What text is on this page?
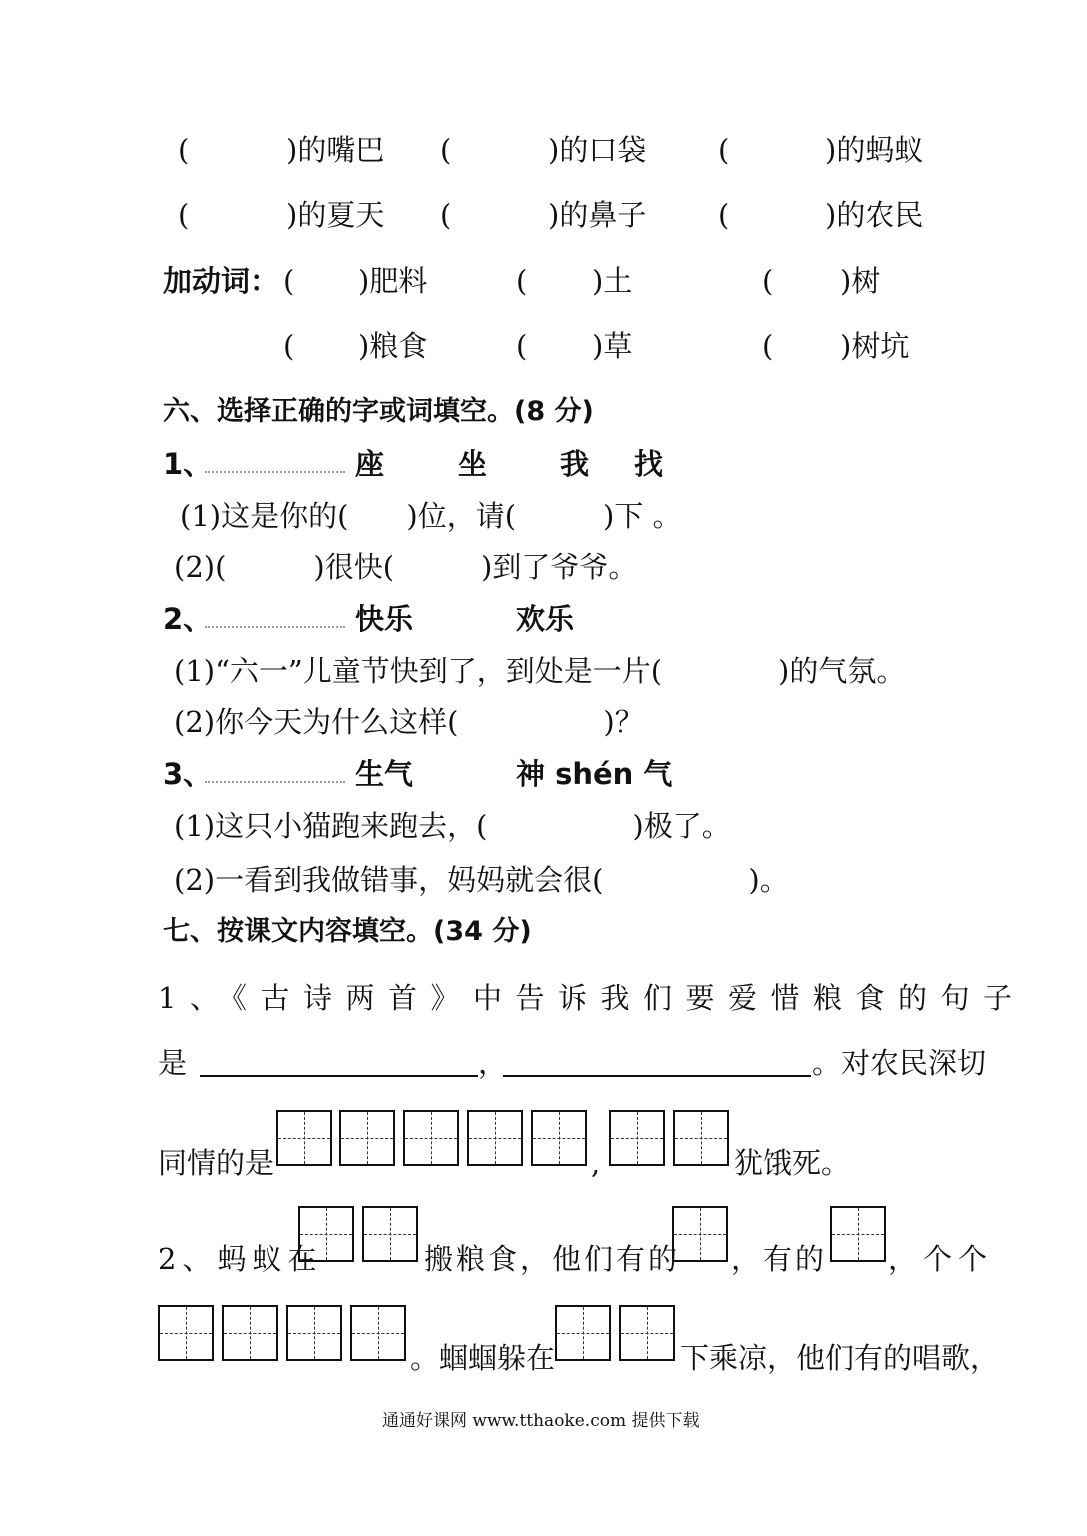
(	)的嘴巴 (	)的口袋 (	)的蚂蚁
(	)的夏天 (	)的鼻子 (	)的农民
加动词： ( )肥料	( )土	( )树
( )粮食	( )草	( )树坑
六、选择正确的字或词填空。(8 分)
1、	座	坐	我 找
(1)这是你的(　　)位，请(　　　)下 。
(2)(　　　)很快(　　　)到了爷爷。
2、	快乐	欢乐
(1)“六一”儿童节快到了，到处是一片(　　　　)的气氛。
(2)你今天为什么这样(　　　　　)？
3、	生气	神 shén 气
(1)这只小猫跑来跑去，(　　　　　)极了。
(2)一看到我做错事，妈妈就会很(　　　　　)。
七、按课文内容填空。(34 分)
1、《古诗两首》中告诉我们要爱惜粮食的句子
是	，	。对农民深切
同情的是	,	犹饿死。
2、蚂蚁在	搬粮食，他们有的 ，有的 ，个个
。蝈蝈躲在	下乘凉，他们有的唱歌，
通通好课网 www.tthaoke.com 提供下载
